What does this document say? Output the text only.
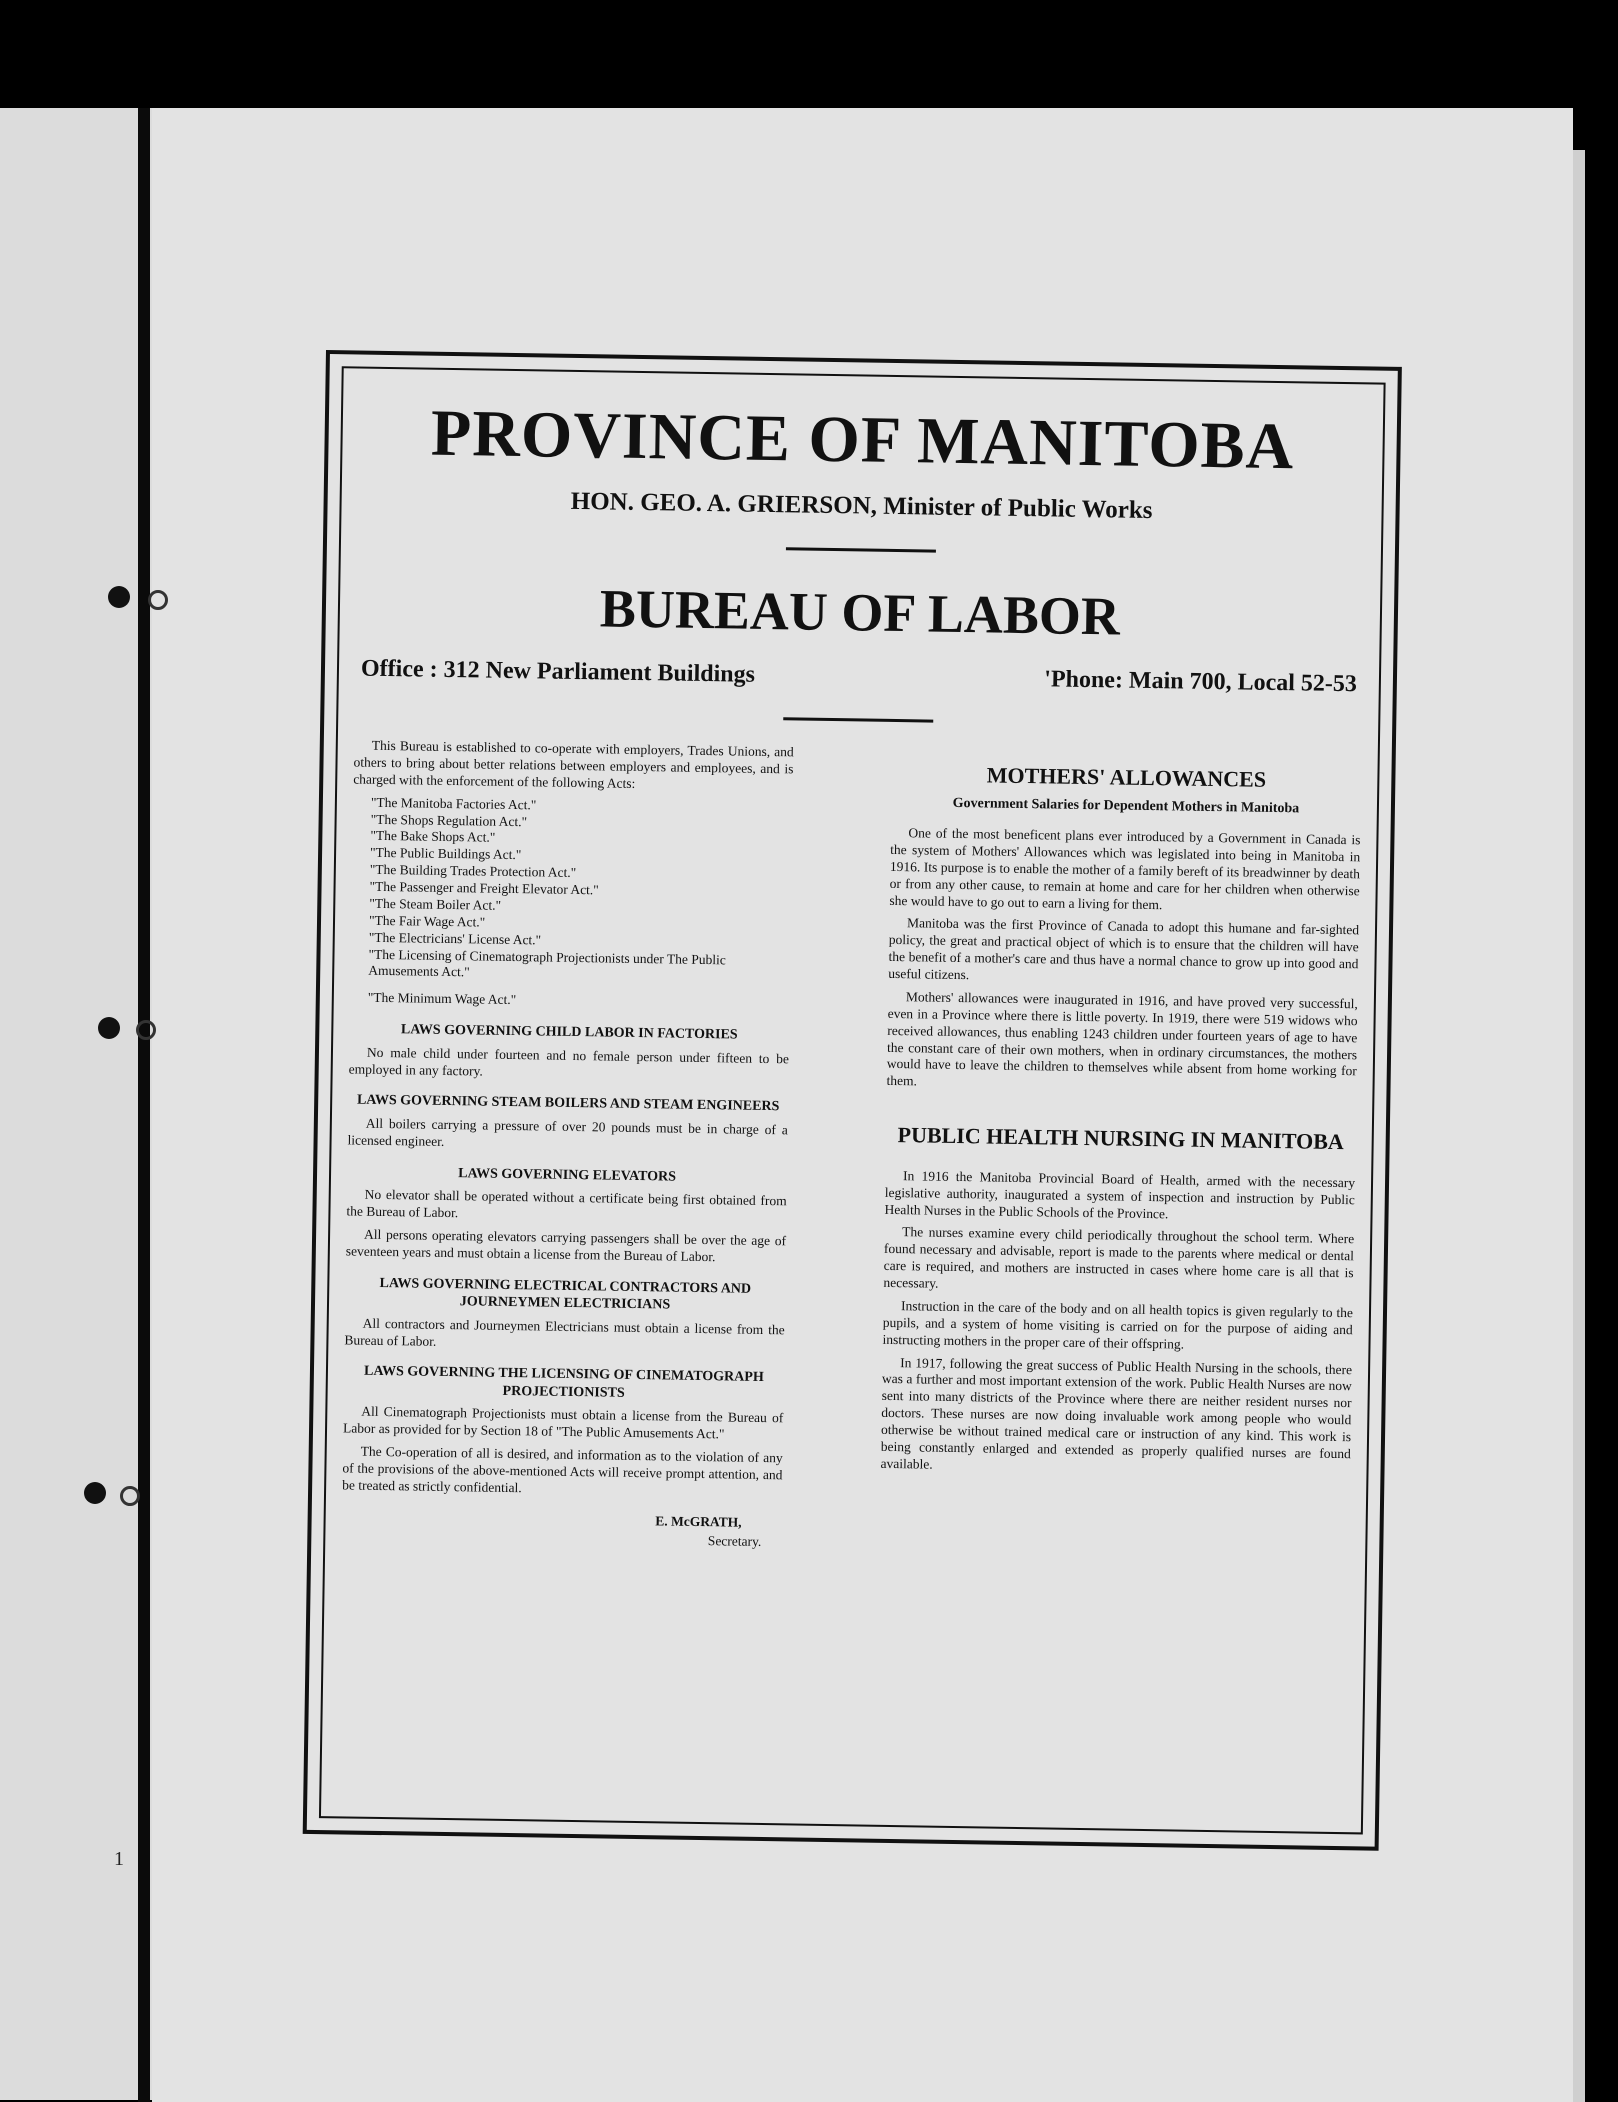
1
PROVINCE OF MANITOBA

HON. GEO. A. GRIERSON, Minister of Public Works

BUREAU OF LABOR
Office : 312 New Parliament Buildings	'Phone: Main 700, Local 52-53

This Bureau is established to co-operate with employers, Trades Unions, and others to bring about better relations between employers and employees, and is charged with the enforcement of the following Acts:

"The Manitoba Factories Act."
"The Shops Regulation Act."
"The Bake Shops Act."
"The Public Buildings Act."
"The Building Trades Protection Act."
"The Passenger and Freight Elevator Act."
"The Steam Boiler Act."
"The Fair Wage Act."
"The Electricians' License Act."
"The Licensing of Cinematograph Projectionists under The Public Amusements Act."

"The Minimum Wage Act."

LAWS GOVERNING CHILD LABOR IN FACTORIES

No male child under fourteen and no female person under fifteen to be employed in any factory.

LAWS GOVERNING STEAM BOILERS AND STEAM ENGINEERS

All boilers carrying a pressure of over 20 pounds must be in charge of a licensed engineer.

LAWS GOVERNING ELEVATORS

No elevator shall be operated without a certificate being first obtained from the Bureau of Labor.

All persons operating elevators carrying passengers shall be over the age of seventeen years and must obtain a license from the Bureau of Labor.

LAWS GOVERNING ELECTRICAL CONTRACTORS AND JOURNEYMEN ELECTRICIANS

All contractors and Journeymen Electricians must obtain a license from the Bureau of Labor.

LAWS GOVERNING THE LICENSING OF CINEMATOGRAPH PROJECTIONISTS

All Cinematograph Projectionists must obtain a license from the Bureau of Labor as provided for by Section 18 of "The Public Amusements Act."

The Co-operation of all is desired, and information as to the violation of any of the provisions of the above-mentioned Acts will receive prompt attention, and be treated as strictly confidential.

E. McGRATH,
Secretary.
MOTHERS' ALLOWANCES
Government Salaries for Dependent Mothers in Manitoba

One of the most beneficent plans ever introduced by a Government in Canada is the system of Mothers' Allowances which was legislated into being in Manitoba in 1916. Its purpose is to enable the mother of a family bereft of its breadwinner by death or from any other cause, to remain at home and care for her children when otherwise she would have to go out to earn a living for them.

Manitoba was the first Province of Canada to adopt this humane and far-sighted policy, the great and practical object of which is to ensure that the children will have the benefit of a mother's care and thus have a normal chance to grow up into good and useful citizens.

Mothers' allowances were inaugurated in 1916, and have proved very successful, even in a Province where there is little poverty. In 1919, there were 519 widows who received allowances, thus enabling 1243 children under fourteen years of age to have the constant care of their own mothers, when in ordinary circumstances, the mothers would have to leave the children to themselves while absent from home working for them.

PUBLIC HEALTH NURSING IN MANITOBA

In 1916 the Manitoba Provincial Board of Health, armed with the necessary legislative authority, inaugurated a system of inspection and instruction by Public Health Nurses in the Public Schools of the Province.

The nurses examine every child periodically throughout the school term. Where found necessary and advisable, report is made to the parents where medical or dental care is required, and mothers are instructed in cases where home care is all that is necessary.

Instruction in the care of the body and on all health topics is given regularly to the pupils, and a system of home visiting is carried on for the purpose of aiding and instructing mothers in the proper care of their offspring.

In 1917, following the great success of Public Health Nursing in the schools, there was a further and most important extension of the work. Public Health Nurses are now sent into many districts of the Province where there are neither resident nurses nor doctors. These nurses are now doing invaluable work among people who would otherwise be without trained medical care or instruction of any kind. This work is being constantly enlarged and extended as properly qualified nurses are found available.
